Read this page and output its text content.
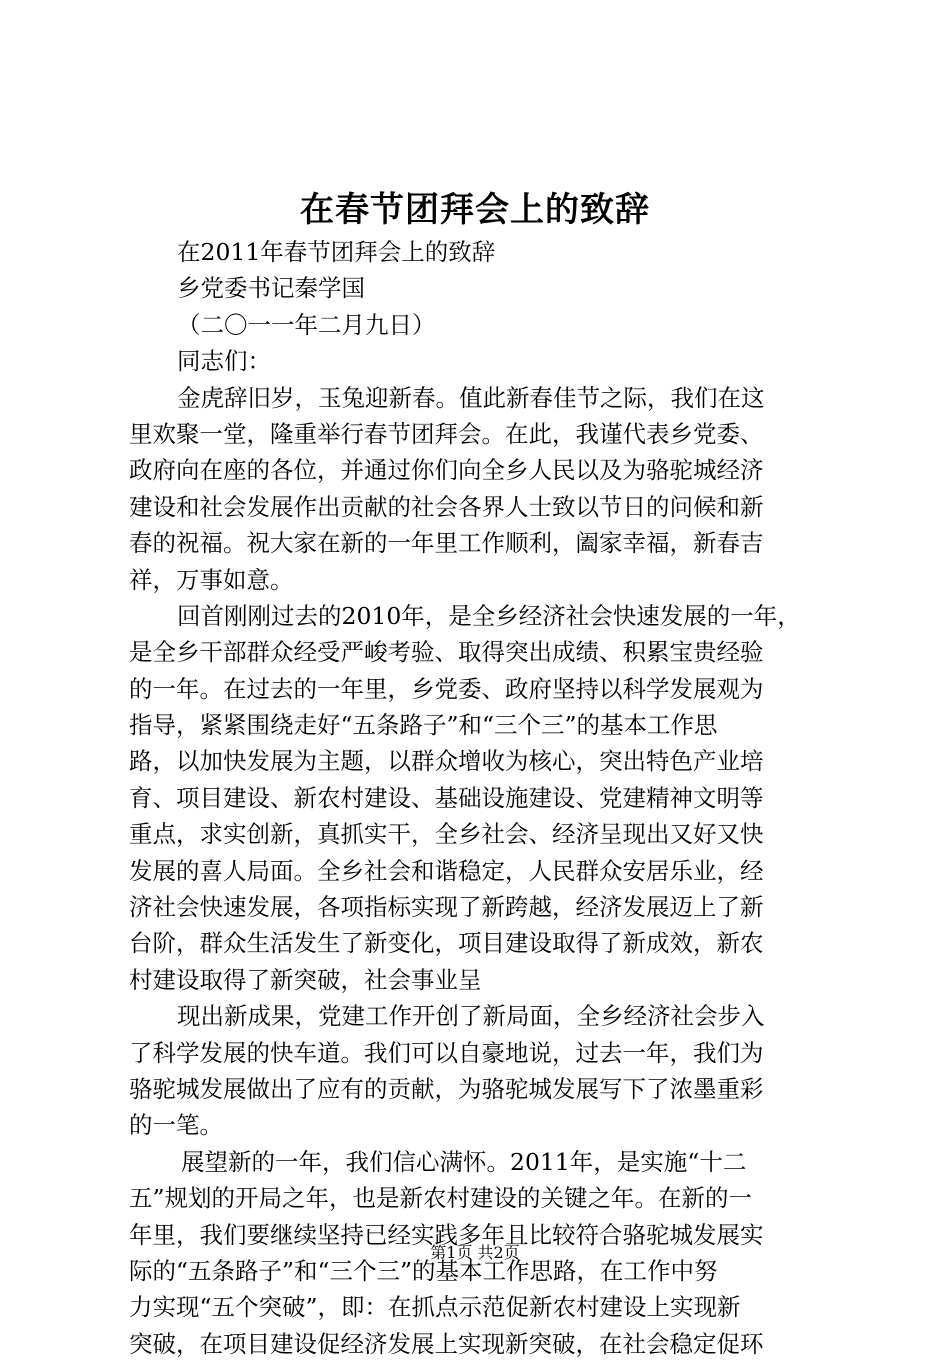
在春节团拜会上的致辞
在2011年春节团拜会上的致辞
乡党委书记秦学国
（二〇一一年二月九日）
同志们：
金虎辞旧岁，玉兔迎新春。值此新春佳节之际，我们在这
里欢聚一堂，隆重举行春节团拜会。在此，我谨代表乡党委、
政府向在座的各位，并通过你们向全乡人民以及为骆驼城经济
建设和社会发展作出贡献的社会各界人士致以节日的问候和新
春的祝福。祝大家在新的一年里工作顺利，阖家幸福，新春吉
祥，万事如意。
回首刚刚过去的2010年，是全乡经济社会快速发展的一年，
是全乡干部群众经受严峻考验、取得突出成绩、积累宝贵经验
的一年。在过去的一年里，乡党委、政府坚持以科学发展观为
指导，紧紧围绕走好“五条路子”和“三个三”的基本工作思
路，以加快发展为主题，以群众增收为核心，突出特色产业培
育、项目建设、新农村建设、基础设施建设、党建精神文明等
重点，求实创新，真抓实干，全乡社会、经济呈现出又好又快
发展的喜人局面。全乡社会和谐稳定，人民群众安居乐业，经
济社会快速发展，各项指标实现了新跨越，经济发展迈上了新
台阶，群众生活发生了新变化，项目建设取得了新成效，新农
村建设取得了新突破，社会事业呈
现出新成果，党建工作开创了新局面，全乡经济社会步入
了科学发展的快车道。我们可以自豪地说，过去一年，我们为
骆驼城发展做出了应有的贡献，为骆驼城发展写下了浓墨重彩
的一笔。
展望新的一年，我们信心满怀。2011年，是实施“十二
五”规划的开局之年，也是新农村建设的关键之年。在新的一
年里，我们要继续坚持已经实践多年且比较符合骆驼城发展实
际的“五条路子”和“三个三”的基本工作思路，在工作中努
力实现“五个突破”，即：在抓点示范促新农村建设上实现新
突破，在项目建设促经济发展上实现新突破，在社会稳定促环
第1页 共2页
